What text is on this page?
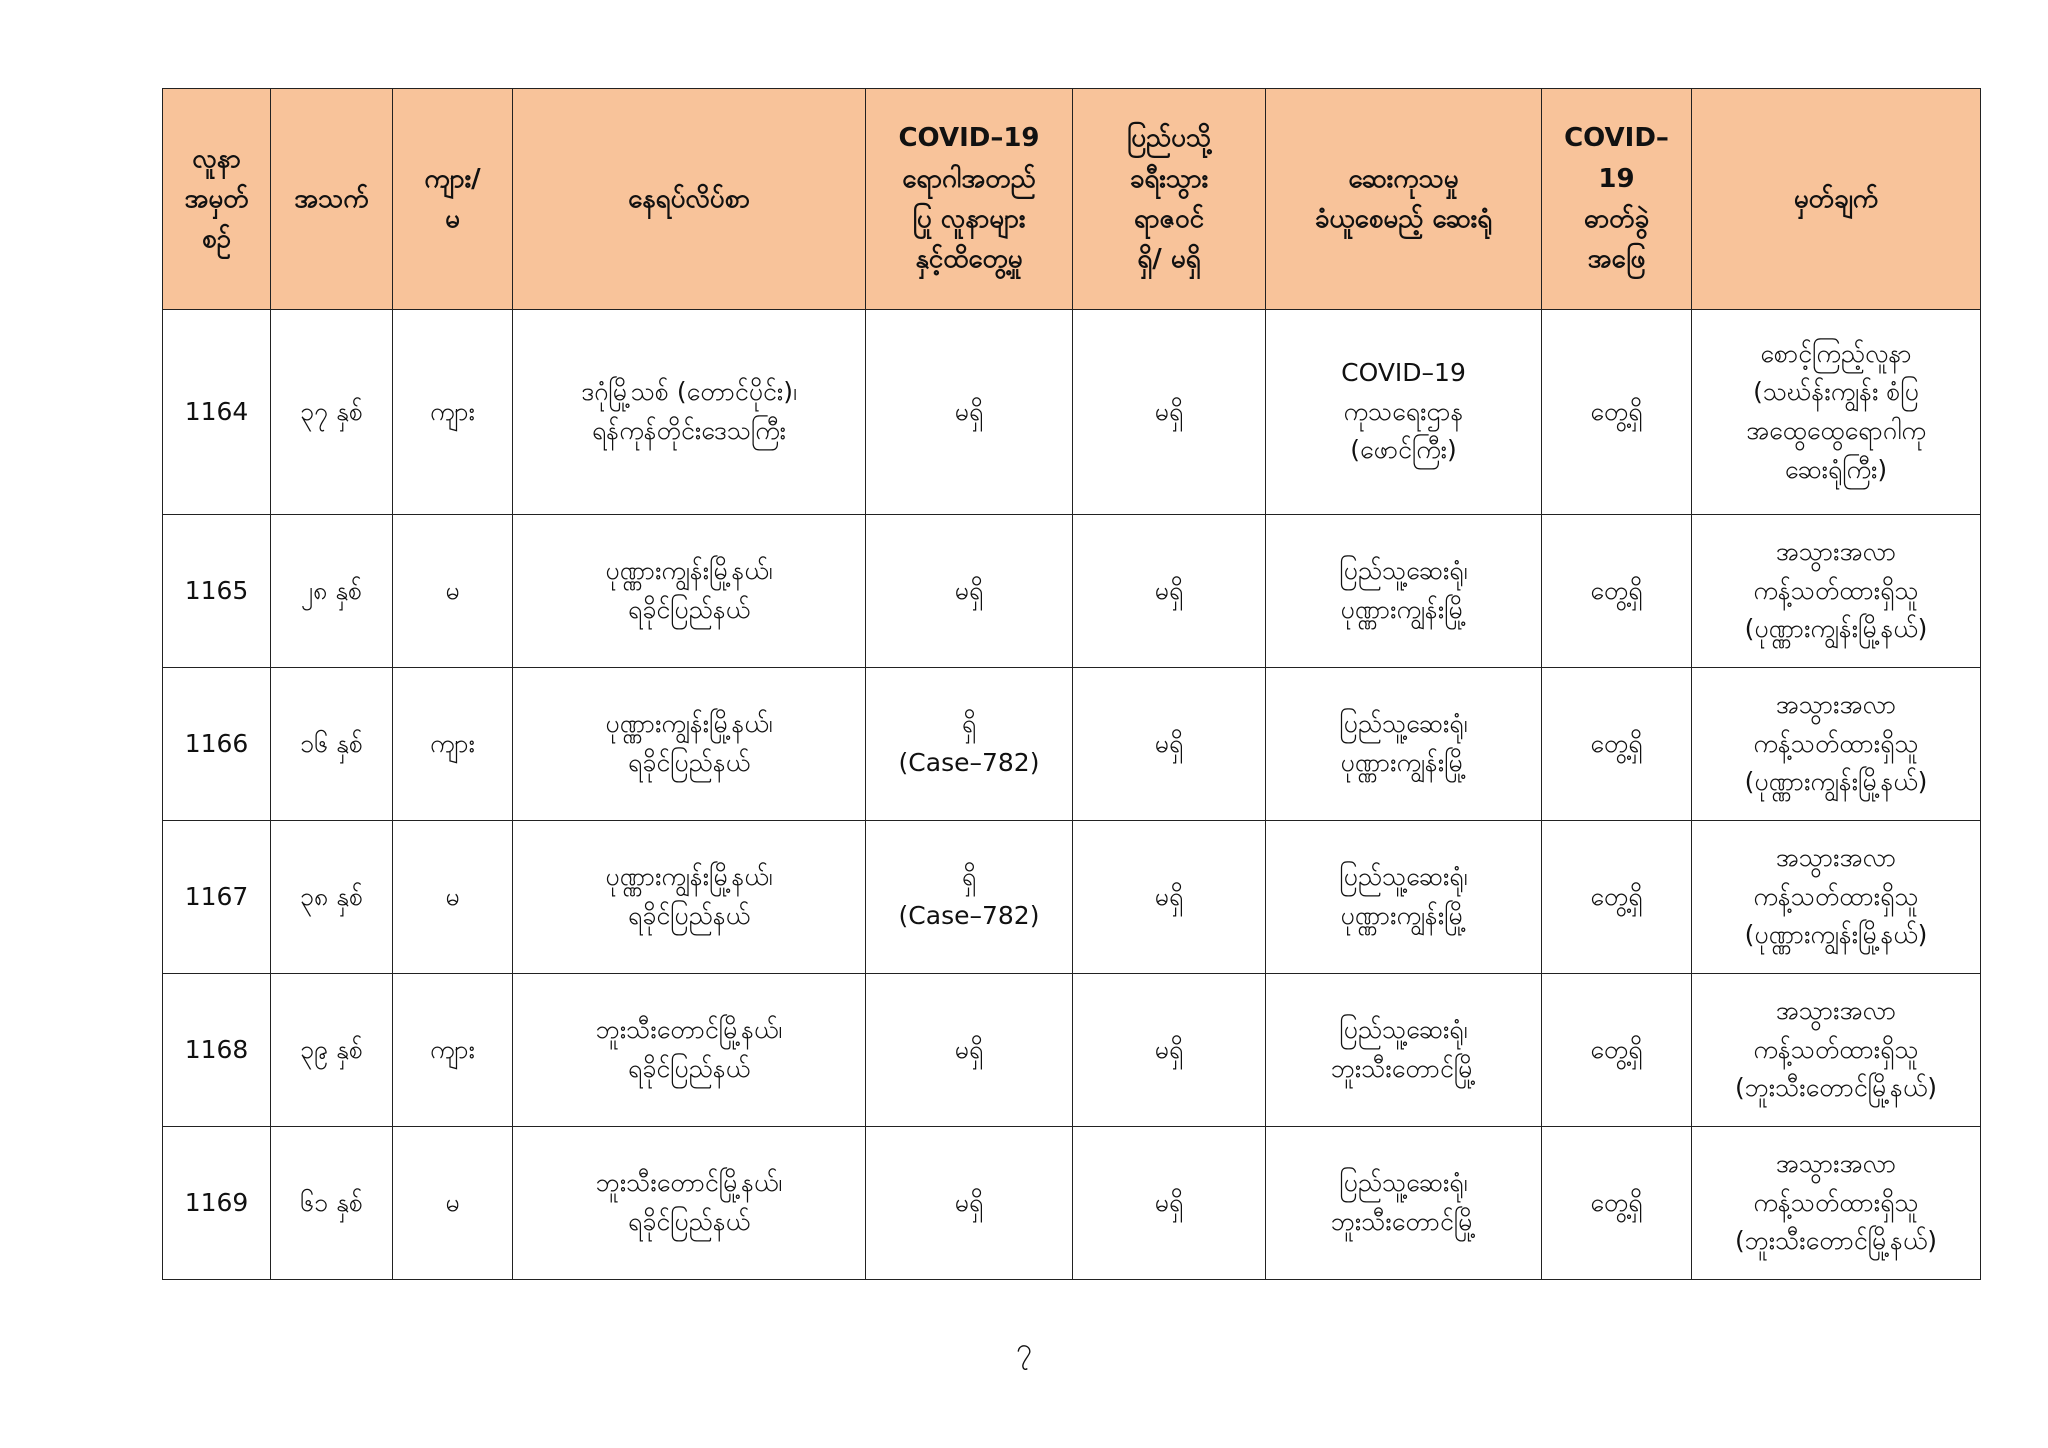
လူနာ
အမှတ်
စဉ်	အသက်	ကျား/
မ	နေရပ်လိပ်စာ	COVID–19
ရောဂါအတည်
ပြု လူနာများ
နှင့်ထိတွေ့မှု	ပြည်ပသို့
ခရီးသွား
ရာဇဝင်
ရှိ/ မရှိ	ဆေးကုသမှု
ခံယူစေမည့် ဆေးရုံ	COVID–
19
ဓာတ်ခွဲ
အဖြေ	မှတ်ချက်

1164	၃၇ နှစ်	ကျား	ဒဂုံမြို့သစ် (တောင်ပိုင်း)၊
ရန်ကုန်တိုင်းဒေသကြီး	မရှိ	မရှိ	COVID–19
ကုသရေးဌာန
(ဖောင်ကြီး)	တွေ့ရှိ	စောင့်ကြည့်လူနာ
(သဃ်န်းကျွန်း စံပြ
အထွေထွေရောဂါကု
ဆေးရုံကြီး)

1165	၂၈ နှစ်	မ	ပုဏ္ဏားကျွန်းမြို့နယ်၊
ရခိုင်ပြည်နယ်	မရှိ	မရှိ	ပြည်သူ့ဆေးရုံ၊
ပုဏ္ဏားကျွန်းမြို့	တွေ့ရှိ	အသွားအလာ
ကန့်သတ်ထားရှိသူ
(ပုဏ္ဏားကျွန်းမြို့နယ်)

1166	၁၆ နှစ်	ကျား	ပုဏ္ဏားကျွန်းမြို့နယ်၊
ရခိုင်ပြည်နယ်	ရှိ
(Case–782)	မရှိ	ပြည်သူ့ဆေးရုံ၊
ပုဏ္ဏားကျွန်းမြို့	တွေ့ရှိ	အသွားအလာ
ကန့်သတ်ထားရှိသူ
(ပုဏ္ဏားကျွန်းမြို့နယ်)

1167	၃၈ နှစ်	မ	ပုဏ္ဏားကျွန်းမြို့နယ်၊
ရခိုင်ပြည်နယ်	ရှိ
(Case–782)	မရှိ	ပြည်သူ့ဆေးရုံ၊
ပုဏ္ဏားကျွန်းမြို့	တွေ့ရှိ	အသွားအလာ
ကန့်သတ်ထားရှိသူ
(ပုဏ္ဏားကျွန်းမြို့နယ်)

1168	၃၉ နှစ်	ကျား	ဘူးသီးတောင်မြို့နယ်၊
ရခိုင်ပြည်နယ်	မရှိ	မရှိ	ပြည်သူ့ဆေးရုံ၊
ဘူးသီးတောင်မြို့	တွေ့ရှိ	အသွားအလာ
ကန့်သတ်ထားရှိသူ
(ဘူးသီးတောင်မြို့နယ်)

1169	၆၁ နှစ်	မ	ဘူးသီးတောင်မြို့နယ်၊
ရခိုင်ပြည်နယ်	မရှိ	မရှိ	ပြည်သူ့ဆေးရုံ၊
ဘူးသီးတောင်မြို့	တွေ့ရှိ	အသွားအလာ
ကန့်သတ်ထားရှိသူ
(ဘူးသီးတောင်မြို့နယ်)
၇
